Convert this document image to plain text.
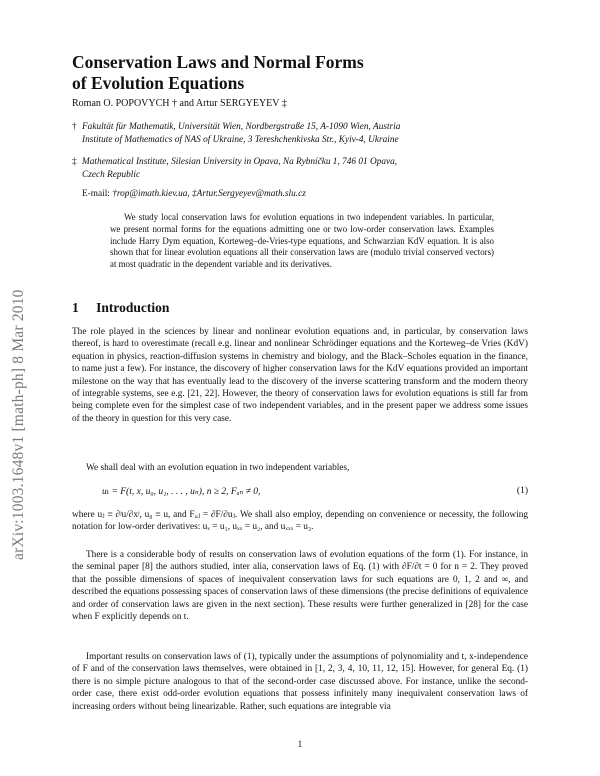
arXiv:1003.1648v1 [math-ph] 8 Mar 2010
Conservation Laws and Normal Forms
of Evolution Equations
Roman O. POPOVYCH † and Artur SERGYEYEV ‡
† Fakultät für Mathematik, Universität Wien, Nordbergstraße 15, A-1090 Wien, Austria
Institute of Mathematics of NAS of Ukraine, 3 Tereshchenkivska Str., Kyiv-4, Ukraine
‡ Mathematical Institute, Silesian University in Opava, Na Rybníčku 1, 746 01 Opava,
Czech Republic
E-mail: †rop@imath.kiev.ua, ‡Artur.Sergyeyev@math.slu.cz
We study local conservation laws for evolution equations in two independent variables. In particular, we present normal forms for the equations admitting one or two low-order conservation laws. Examples include Harry Dym equation, Korteweg–de-Vries-type equations, and Schwarzian KdV equation. It is also shown that for linear evolution equations all their conservation laws are (modulo trivial conserved vectors) at most quadratic in the dependent variable and its derivatives.
1 Introduction

The role played in the sciences by linear and nonlinear evolution equations and, in particular, by conservation laws thereof, is hard to overestimate (recall e.g. linear and nonlinear Schrödinger equations and the Korteweg–de Vries (KdV) equation in physics, reaction-diffusion systems in chemistry and biology, and the Black–Scholes equation in the finance, to name just a few). For instance, the discovery of higher conservation laws for the KdV equations provided an important milestone on the way that has eventually lead to the discovery of the inverse scattering transform and the modern theory of integrable systems, see e.g. [21, 22]. However, the theory of conservation laws for evolution equations is still far from being complete even for the simplest case of two independent variables, and in the present paper we address some issues of the theory in question for this very case.

We shall deal with an evolution equation in two independent variables,

uₜ = F(t, x, u₀, u₁, . . . , uₙ), n ≥ 2, Fᵤₙ ≠ 0,	(1)

where uⱼ ≡ ∂ʲu/∂xʲ, u₀ ≡ u, and Fᵤⱼ = ∂F/∂uⱼ. We shall also employ, depending on convenience or necessity, the following notation for low-order derivatives: uₓ = u₁, uₓₓ = u₂, and uₓₓₓ = u₃.

There is a considerable body of results on conservation laws of evolution equations of the form (1). For instance, in the seminal paper [8] the authors studied, inter alia, conservation laws of Eq. (1) with ∂F/∂t = 0 for n = 2. They proved that the possible dimensions of spaces of inequivalent conservation laws for such equations are 0, 1, 2 and ∞, and described the equations possessing spaces of conservation laws of these dimensions (the precise definitions of equivalence and order of conservation laws are given in the next section). These results were further generalized in [28] for the case when F explicitly depends on t.

Important results on conservation laws of (1), typically under the assumptions of polynomiality and t, x-independence of F and of the conservation laws themselves, were obtained in [1, 2, 3, 4, 10, 11, 12, 15]. However, for general Eq. (1) there is no simple picture analogous to that of the second-order case discussed above. For instance, unlike the second-order case, there exist odd-order evolution equations that possess infinitely many inequivalent conservation laws of increasing orders without being linearizable. Rather, such equations are integrable via

1
